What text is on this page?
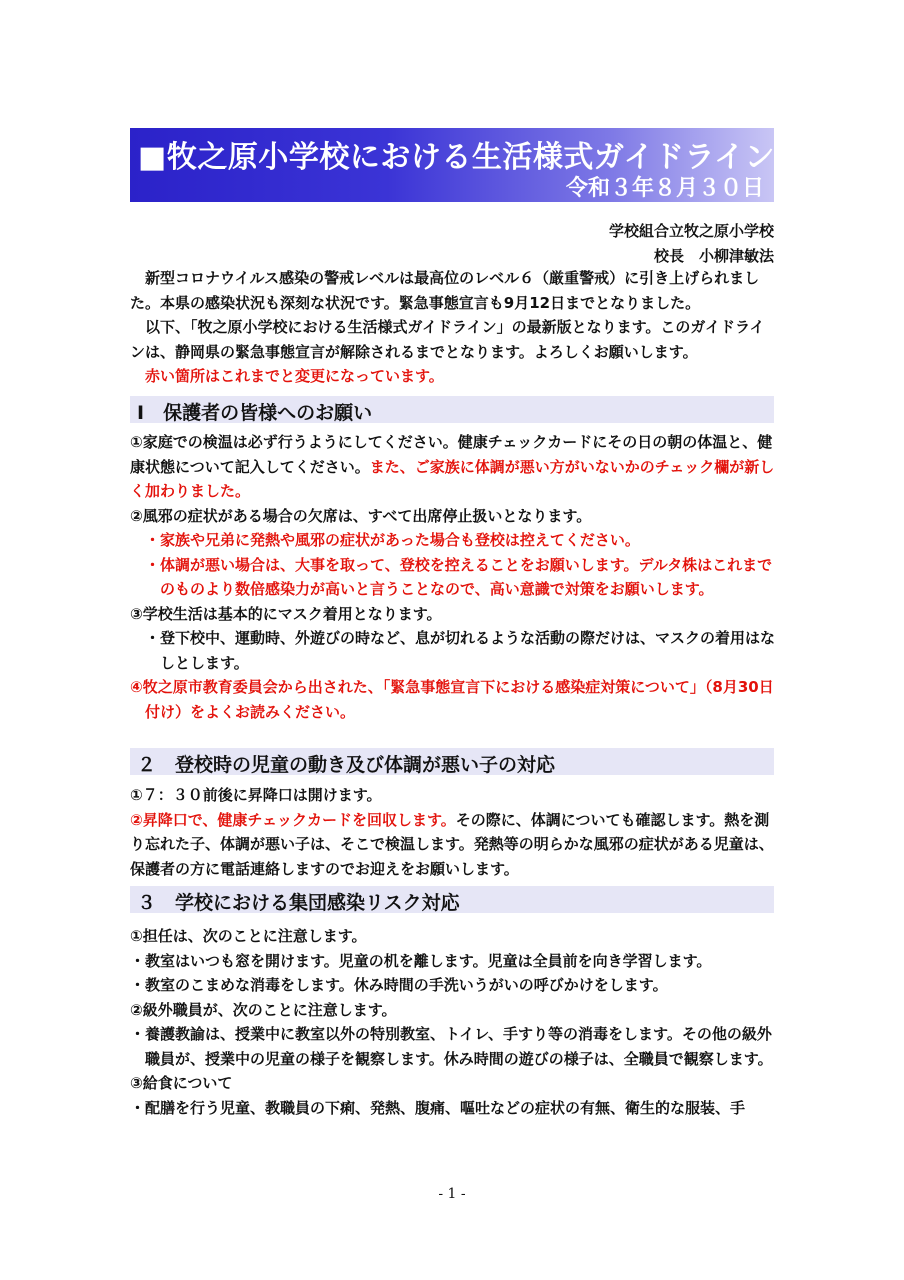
■牧之原小学校における生活様式ガイドライン
令和３年８月３０日
学校組合立牧之原小学校
校長　小柳津敏法

新型コロナウイルス感染の警戒レベルは最高位のレベル６（厳重警戒）に引き上げられました。本県の感染状況も深刻な状況です。緊急事態宣言も9月12日までとなりました。

以下、「牧之原小学校における生活様式ガイドライン」の最新版となります。このガイドラインは、静岡県の緊急事態宣言が解除されるまでとなります。よろしくお願いします。

赤い箇所はこれまでと変更になっています。

Ⅰ　保護者の皆様へのお願い

①家庭での検温は必ず行うようにしてください。健康チェックカードにその日の朝の体温と、健康状態について記入してください。また、ご家族に体調が悪い方がいないかのチェック欄が新しく加わりました。

②風邪の症状がある場合の欠席は、すべて出席停止扱いとなります。

・家族や兄弟に発熱や風邪の症状があった場合も登校は控えてください。

・体調が悪い場合は、大事を取って、登校を控えることをお願いします。デルタ株はこれまでのものより数倍感染力が高いと言うことなので、高い意識で対策をお願いします。

③学校生活は基本的にマスク着用となります。

・登下校中、運動時、外遊びの時など、息が切れるような活動の際だけは、マスクの着用はなしとします。

④牧之原市教育委員会から出された、「緊急事態宣言下における感染症対策について」（8月30日付け）をよくお読みください。

２　登校時の児童の動き及び体調が悪い子の対応

①７：３０前後に昇降口は開けます。

②昇降口で、健康チェックカードを回収します。その際に、体調についても確認します。熱を測り忘れた子、体調が悪い子は、そこで検温します。発熱等の明らかな風邪の症状がある児童は、保護者の方に電話連絡しますのでお迎えをお願いします。

３　学校における集団感染リスク対応

①担任は、次のことに注意します。

・教室はいつも窓を開けます。児童の机を離します。児童は全員前を向き学習します。

・教室のこまめな消毒をします。休み時間の手洗いうがいの呼びかけをします。

②級外職員が、次のことに注意します。

・養護教諭は、授業中に教室以外の特別教室、トイレ、手すり等の消毒をします。その他の級外職員が、授業中の児童の様子を観察します。休み時間の遊びの様子は、全職員で観察します。

③給食について

・配膳を行う児童、教職員の下痢、発熱、腹痛、嘔吐などの症状の有無、衛生的な服装、手

- 1 -
